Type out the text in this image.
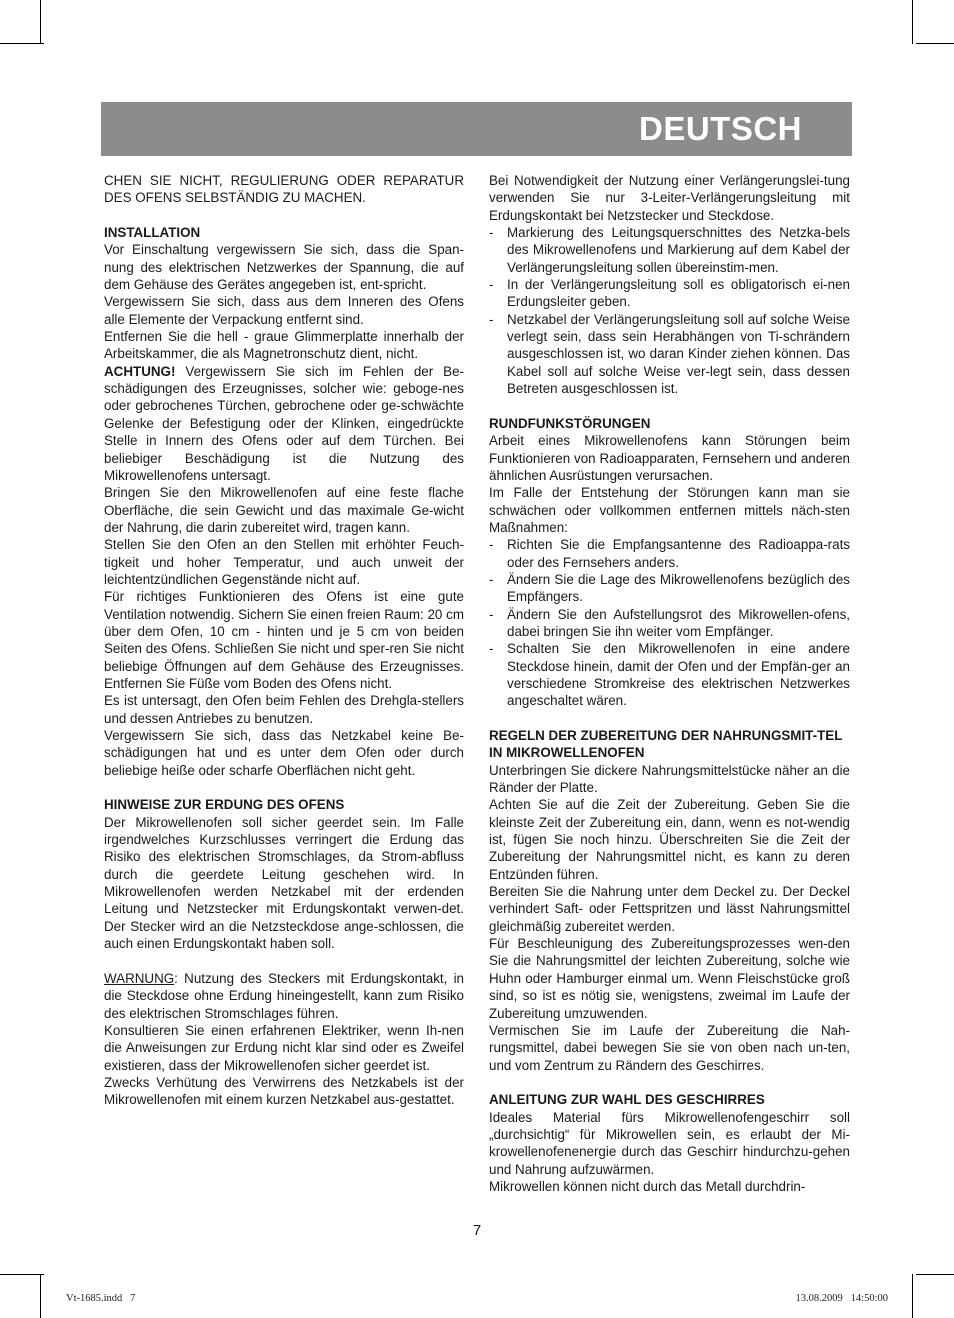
DEUTSCH

CHEN SIE NICHT, REGULIERUNG ODER REPARATUR DES OFENS SELBSTÄNDIG ZU MACHEN.

INSTALLATION

Vor Einschaltung vergewissern Sie sich, dass die Span-nung des elektrischen Netzwerkes der Spannung, die auf dem Gehäuse des Gerätes angegeben ist, ent-spricht.

Vergewissern Sie sich, dass aus dem Inneren des Ofens alle Elemente der Verpackung entfernt sind.

Entfernen Sie die hell - graue Glimmerplatte innerhalb der Arbeitskammer, die als Magnetronschutz dient, nicht.

ACHTUNG! Vergewissern Sie sich im Fehlen der Be-schädigungen des Erzeugnisses, solcher wie: geboge-nes oder gebrochenes Türchen, gebrochene oder ge-schwächte Gelenke der Befestigung oder der Klinken, eingedrückte Stelle in Innern des Ofens oder auf dem Türchen. Bei beliebiger Beschädigung ist die Nutzung des Mikrowellenofens untersagt.

Bringen Sie den Mikrowellenofen auf eine feste flache Oberfläche, die sein Gewicht und das maximale Ge-wicht der Nahrung, die darin zubereitet wird, tragen kann.

Stellen Sie den Ofen an den Stellen mit erhöhter Feuch-tigkeit und hoher Temperatur, und auch unweit der leichtentzündlichen Gegenstände nicht auf.

Für richtiges Funktionieren des Ofens ist eine gute Ventilation notwendig. Sichern Sie einen freien Raum: 20 cm über dem Ofen, 10 cm - hinten und je 5 cm von beiden Seiten des Ofens. Schließen Sie nicht und sper-ren Sie nicht beliebige Öffnungen auf dem Gehäuse des Erzeugnisses. Entfernen Sie Füße vom Boden des Ofens nicht.

Es ist untersagt, den Ofen beim Fehlen des Drehgla-stellers und dessen Antriebes zu benutzen.

Vergewissern Sie sich, dass das Netzkabel keine Be-schädigungen hat und es unter dem Ofen oder durch beliebige heiße oder scharfe Oberflächen nicht geht.

HINWEISE ZUR ERDUNG DES OFENS

Der Mikrowellenofen soll sicher geerdet sein. Im Falle irgendwelches Kurzschlusses verringert die Erdung das Risiko des elektrischen Stromschlages, da Strom-abfluss durch die geerdete Leitung geschehen wird. In Mikrowellenofen werden Netzkabel mit der erdenden Leitung und Netzstecker mit Erdungskontakt verwen-det. Der Stecker wird an die Netzsteckdose ange-schlossen, die auch einen Erdungskontakt haben soll.

WARNUNG: Nutzung des Steckers mit Erdungskontakt, in die Steckdose ohne Erdung hineingestellt, kann zum Risiko des elektrischen Stromschlages führen.

Konsultieren Sie einen erfahrenen Elektriker, wenn Ih-nen die Anweisungen zur Erdung nicht klar sind oder es Zweifel existieren, dass der Mikrowellenofen sicher geerdet ist.

Zwecks Verhütung des Verwirrens des Netzkabels ist der Mikrowellenofen mit einem kurzen Netzkabel aus-gestattet.

Bei Notwendigkeit der Nutzung einer Verlängerungslei-tung verwenden Sie nur 3-Leiter-Verlängerungsleitung mit Erdungskontakt bei Netzstecker und Steckdose.

- Markierung des Leitungsquerschnittes des Netzka-bels des Mikrowellenofens und Markierung auf dem Kabel der Verlängerungsleitung sollen übereinstim-men.
- In der Verlängerungsleitung soll es obligatorisch ei-nen Erdungsleiter geben.
- Netzkabel der Verlängerungsleitung soll auf solche Weise verlegt sein, dass sein Herabhängen von Ti-schrändern ausgeschlossen ist, wo daran Kinder ziehen können. Das Kabel soll auf solche Weise ver-legt sein, dass dessen Betreten ausgeschlossen ist.
RUNDFUNKSTÖRUNGEN

Arbeit eines Mikrowellenofens kann Störungen beim Funktionieren von Radioapparaten, Fernsehern und anderen ähnlichen Ausrüstungen verursachen.

Im Falle der Entstehung der Störungen kann man sie schwächen oder vollkommen entfernen mittels näch-sten Maßnahmen:

- Richten Sie die Empfangsantenne des Radioappa-rats oder des Fernsehers anders.
- Ändern Sie die Lage des Mikrowellenofens bezüglich des Empfängers.
- Ändern Sie den Aufstellungsrot des Mikrowellen-ofens, dabei bringen Sie ihn weiter vom Empfänger.
- Schalten Sie den Mikrowellenofen in eine andere Steckdose hinein, damit der Ofen und der Empfän-ger an verschiedene Stromkreise des elektrischen Netzwerkes angeschaltet wären.
REGELN DER ZUBEREITUNG DER NAHRUNGSMIT-TEL IN MIKROWELLENOFEN

Unterbringen Sie dickere Nahrungsmittelstücke näher an die Ränder der Platte.

Achten Sie auf die Zeit der Zubereitung. Geben Sie die kleinste Zeit der Zubereitung ein, dann, wenn es not-wendig ist, fügen Sie noch hinzu. Überschreiten Sie die Zeit der Zubereitung der Nahrungsmittel nicht, es kann zu deren Entzünden führen.

Bereiten Sie die Nahrung unter dem Deckel zu. Der Deckel verhindert Saft- oder Fettspritzen und lässt Nahrungsmittel gleichmäßig zubereitet werden.

Für Beschleunigung des Zubereitungsprozesses wen-den Sie die Nahrungsmittel der leichten Zubereitung, solche wie Huhn oder Hamburger einmal um. Wenn Fleischstücke groß sind, so ist es nötig sie, wenigstens, zweimal im Laufe der Zubereitung umzuwenden.

Vermischen Sie im Laufe der Zubereitung die Nah-rungsmittel, dabei bewegen Sie sie von oben nach un-ten, und vom Zentrum zu Rändern des Geschirres.

ANLEITUNG ZUR WAHL DES GESCHIRRES

Ideales Material fürs Mikrowellenofengeschirr soll „durchsichtig“ für Mikrowellen sein, es erlaubt der Mi-krowellenofenenergie durch das Geschirr hindurchzu-gehen und Nahrung aufzuwärmen.

Mikrowellen können nicht durch das Metall durchdrin-

7
Vt-1685.indd   7	13.08.2009   14:50:00
